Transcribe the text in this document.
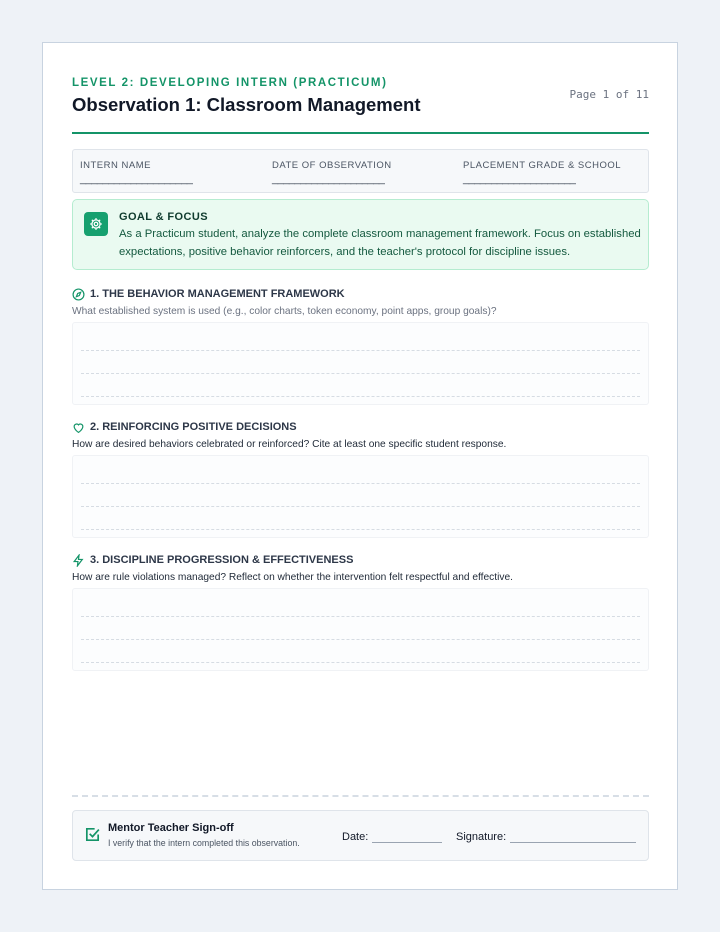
LEVEL 2: DEVELOPING INTERN (PRACTICUM)
Observation 1: Classroom Management	Page 1 of 11
INTERN NAME
____________________
DATE OF OBSERVATION
____________________
PLACEMENT GRADE & SCHOOL
____________________
GOAL & FOCUS
As a Practicum student, analyze the complete classroom management framework. Focus on established expectations, positive behavior reinforcers, and the teacher's protocol for discipline issues.
1. THE BEHAVIOR MANAGEMENT FRAMEWORK
What established system is used (e.g., color charts, token economy, point apps, group goals)?
2. REINFORCING POSITIVE DECISIONS
How are desired behaviors celebrated or reinforced? Cite at least one specific student response.
3. DISCIPLINE PROGRESSION & EFFECTIVENESS
How are rule violations managed? Reflect on whether the intervention felt respectful and effective.
Mentor Teacher Sign-off
I verify that the intern completed this observation.	Date:	Signature:
